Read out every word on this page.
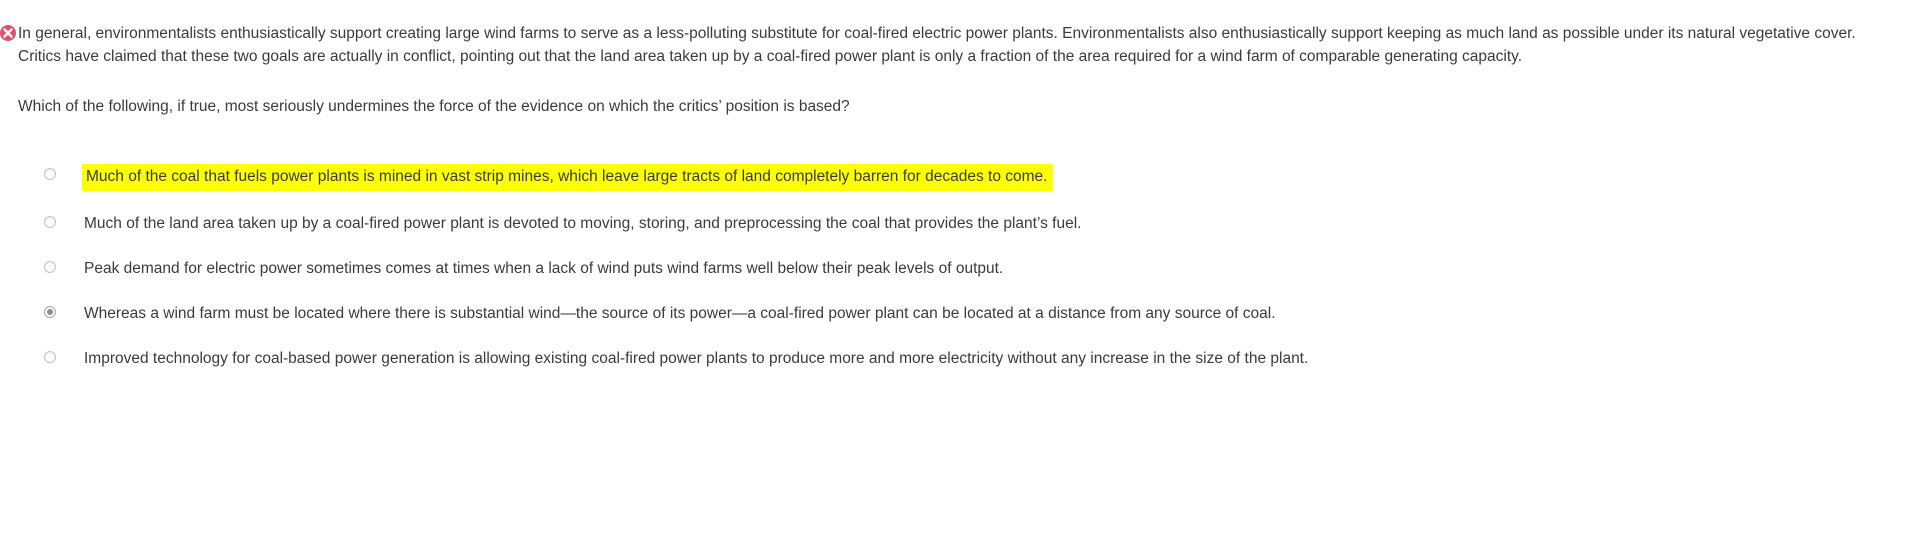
In general, environmentalists enthusiastically support creating large wind farms to serve as a less-polluting substitute for coal-fired electric power plants. Environmentalists also enthusiastically support keeping as much land as possible under its natural vegetative cover. Critics have claimed that these two goals are actually in conflict, pointing out that the land area taken up by a coal-fired power plant is only a fraction of the area required for a wind farm of comparable generating capacity.
Which of the following, if true, most seriously undermines the force of the evidence on which the critics’ position is based?
Much of the coal that fuels power plants is mined in vast strip mines, which leave large tracts of land completely barren for decades to come.
Much of the land area taken up by a coal-fired power plant is devoted to moving, storing, and preprocessing the coal that provides the plant’s fuel.
Peak demand for electric power sometimes comes at times when a lack of wind puts wind farms well below their peak levels of output.
Whereas a wind farm must be located where there is substantial wind—the source of its power—a coal-fired power plant can be located at a distance from any source of coal.
Improved technology for coal-based power generation is allowing existing coal-fired power plants to produce more and more electricity without any increase in the size of the plant.
